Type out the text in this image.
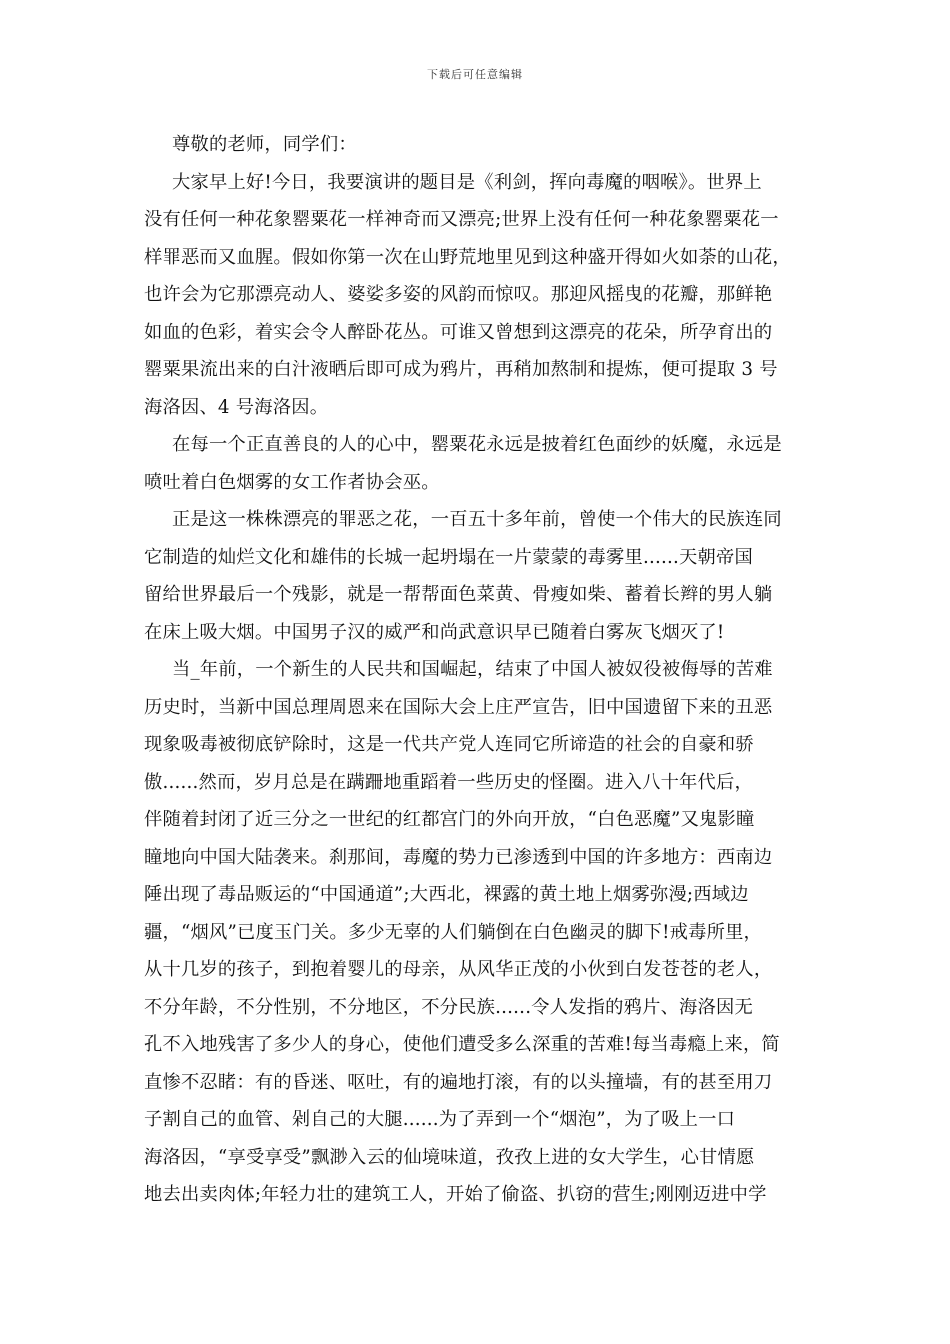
下载后可任意编辑
尊敬的老师，同学们：
大家早上好!今日，我要演讲的题目是《利剑，挥向毒魔的咽喉》。世界上
没有任何一种花象罂粟花一样神奇而又漂亮;世界上没有任何一种花象罂粟花一
样罪恶而又血腥。假如你第一次在山野荒地里见到这种盛开得如火如荼的山花，
也许会为它那漂亮动人、婆娑多姿的风韵而惊叹。那迎风摇曳的花瓣，那鲜艳
如血的色彩，着实会令人醉卧花丛。可谁又曾想到这漂亮的花朵，所孕育出的
罂粟果流出来的白汁液晒后即可成为鸦片，再稍加熬制和提炼，便可提取 3 号
海洛因、4 号海洛因。
在每一个正直善良的人的心中，罂粟花永远是披着红色面纱的妖魔，永远是
喷吐着白色烟雾的女工作者协会巫。
正是这一株株漂亮的罪恶之花，一百五十多年前，曾使一个伟大的民族连同
它制造的灿烂文化和雄伟的长城一起坍塌在一片蒙蒙的毒雾里......天朝帝国
留给世界最后一个残影，就是一帮帮面色菜黄、骨瘦如柴、蓄着长辫的男人躺
在床上吸大烟。中国男子汉的威严和尚武意识早已随着白雾灰飞烟灭了!
当_年前，一个新生的人民共和国崛起，结束了中国人被奴役被侮辱的苦难
历史时，当新中国总理周恩来在国际大会上庄严宣告，旧中国遗留下来的丑恶
现象吸毒被彻底铲除时，这是一代共产党人连同它所谛造的社会的自豪和骄
傲......然而，岁月总是在蹒跚地重蹈着一些历史的怪圈。进入八十年代后，
伴随着封闭了近三分之一世纪的红都宫门的外向开放，“白色恶魔”又鬼影瞳
瞳地向中国大陆袭来。刹那间，毒魔的势力已渗透到中国的许多地方：西南边
陲出现了毒品贩运的“中国通道”;大西北，裸露的黄土地上烟雾弥漫;西域边
疆，“烟风”已度玉门关。多少无辜的人们躺倒在白色幽灵的脚下!戒毒所里，
从十几岁的孩子，到抱着婴儿的母亲，从风华正茂的小伙到白发苍苍的老人，
不分年龄，不分性别，不分地区，不分民族......令人发指的鸦片、海洛因无
孔不入地残害了多少人的身心，使他们遭受多么深重的苦难!每当毒瘾上来，简
直惨不忍睹：有的昏迷、呕吐，有的遍地打滚，有的以头撞墙，有的甚至用刀
子割自己的血管、剁自己的大腿......为了弄到一个“烟泡”，为了吸上一口
海洛因，“享受享受”飘渺入云的仙境味道，孜孜上进的女大学生，心甘情愿
地去出卖肉体;年轻力壮的建筑工人，开始了偷盗、扒窃的营生;刚刚迈进中学
